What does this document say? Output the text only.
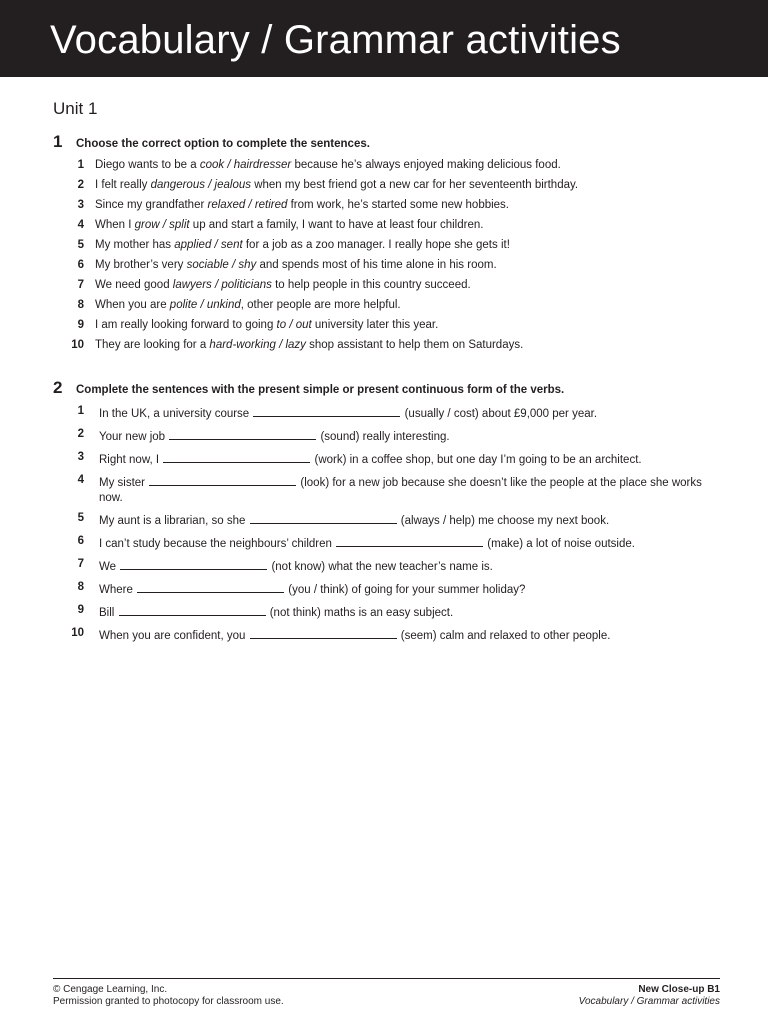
Vocabulary / Grammar activities
Unit 1
1	Choose the correct option to complete the sentences.
1 Diego wants to be a cook / hairdresser because he’s always enjoyed making delicious food.
2 I felt really dangerous / jealous when my best friend got a new car for her seventeenth birthday.
3 Since my grandfather relaxed / retired from work, he’s started some new hobbies.
4 When I grow / split up and start a family, I want to have at least four children.
5 My mother has applied / sent for a job as a zoo manager. I really hope she gets it!
6 My brother’s very sociable / shy and spends most of his time alone in his room.
7 We need good lawyers / politicians to help people in this country succeed.
8 When you are polite / unkind, other people are more helpful.
9 I am really looking forward to going to / out university later this year.
10 They are looking for a hard-working / lazy shop assistant to help them on Saturdays.
2	Complete the sentences with the present simple or present continuous form of the verbs.
1	In the UK, a university course	(usually / cost) about £9,000 per year.
2	Your new job	(sound) really interesting.
3	Right now, I	(work) in a coffee shop, but one day I’m going to be an architect.
4	My sister	(look) for a new job because she doesn’t like the people at the place she works now.
5	My aunt is a librarian, so she	(always / help) me choose my next book.
6	I can’t study because the neighbours’ children	(make) a lot of noise outside.
7	We	(not know) what the new teacher’s name is.
8	Where	(you / think) of going for your summer holiday?
9	Bill	(not think) maths is an easy subject.
10	When you are confident, you	(seem) calm and relaxed to other people.
© Cengage Learning, Inc.
Permission granted to photocopy for classroom use.
New Close-up B1
Vocabulary / Grammar activities
